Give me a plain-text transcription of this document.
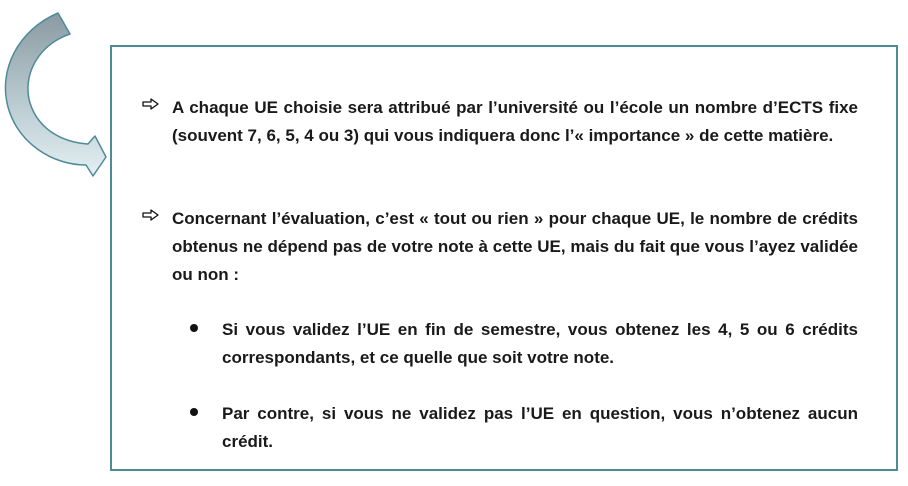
A chaque UE choisie sera attribué par l’université ou l’école un nombre d’ECTS fixe (souvent 7, 6, 5, 4 ou 3) qui vous indiquera donc l’« importance » de cette matière.
Concernant l’évaluation, c’est « tout ou rien » pour chaque UE, le nombre de crédits obtenus ne dépend pas de votre note à cette UE, mais du fait que vous l’ayez validée ou non :
Si vous validez l’UE en fin de semestre, vous obtenez les 4, 5 ou 6 crédits correspondants, et ce quelle que soit votre note.
Par contre, si vous ne validez pas l’UE en question, vous n’obtenez aucun crédit.
